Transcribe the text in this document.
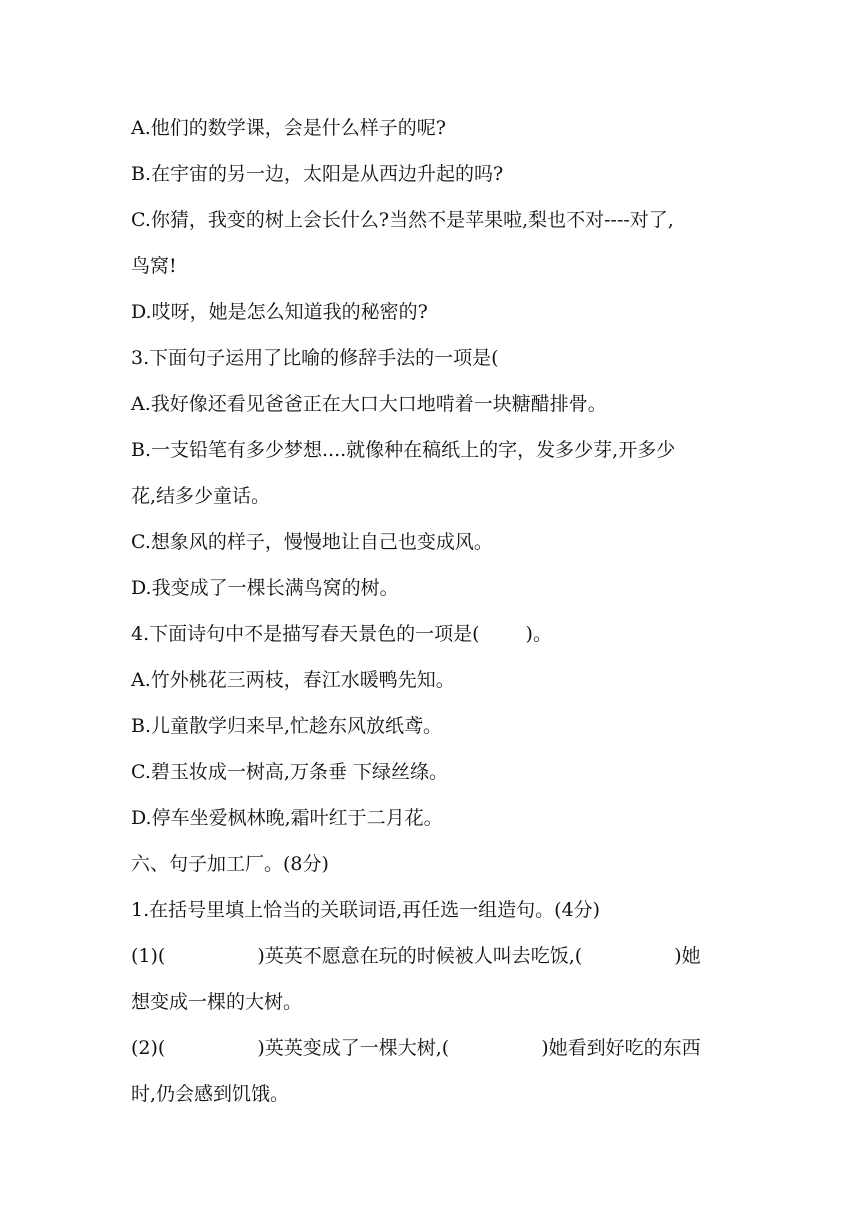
A.他们的数学课，会是什么样子的呢?
B.在宇宙的另一边，太阳是从西边升起的吗?
C.你猜，我变的树上会长什么?当然不是苹果啦,梨也不对----对了,
鸟窝!
D.哎呀，她是怎么知道我的秘密的?
3.下面句子运用了比喻的修辞手法的一项是(
A.我好像还看见爸爸正在大口大口地啃着一块糖醋排骨。
B.一支铅笔有多少梦想....就像种在稿纸上的字，发多少芽,开多少
花,结多少童话。
C.想象风的样子，慢慢地让自己也变成风。
D.我变成了一棵长满鸟窝的树。
4.下面诗句中不是描写春天景色的一项是( )。
A.竹外桃花三两枝，春江水暖鸭先知。
B.儿童散学归来早,忙趁东风放纸鸢。
C.碧玉妆成一树高,万条垂 下绿丝绦。
D.停车坐爱枫林晚,霜叶红于二月花。
六、句子加工厂。(8分)
1.在括号里填上恰当的关联词语,再任选一组造句。(4分)
(1)(	)英英不愿意在玩的时候被人叫去吃饭,(	)她
想变成一棵的大树。
(2)(	)英英变成了一棵大树,(	)她看到好吃的东西
时,仍会感到饥饿。
